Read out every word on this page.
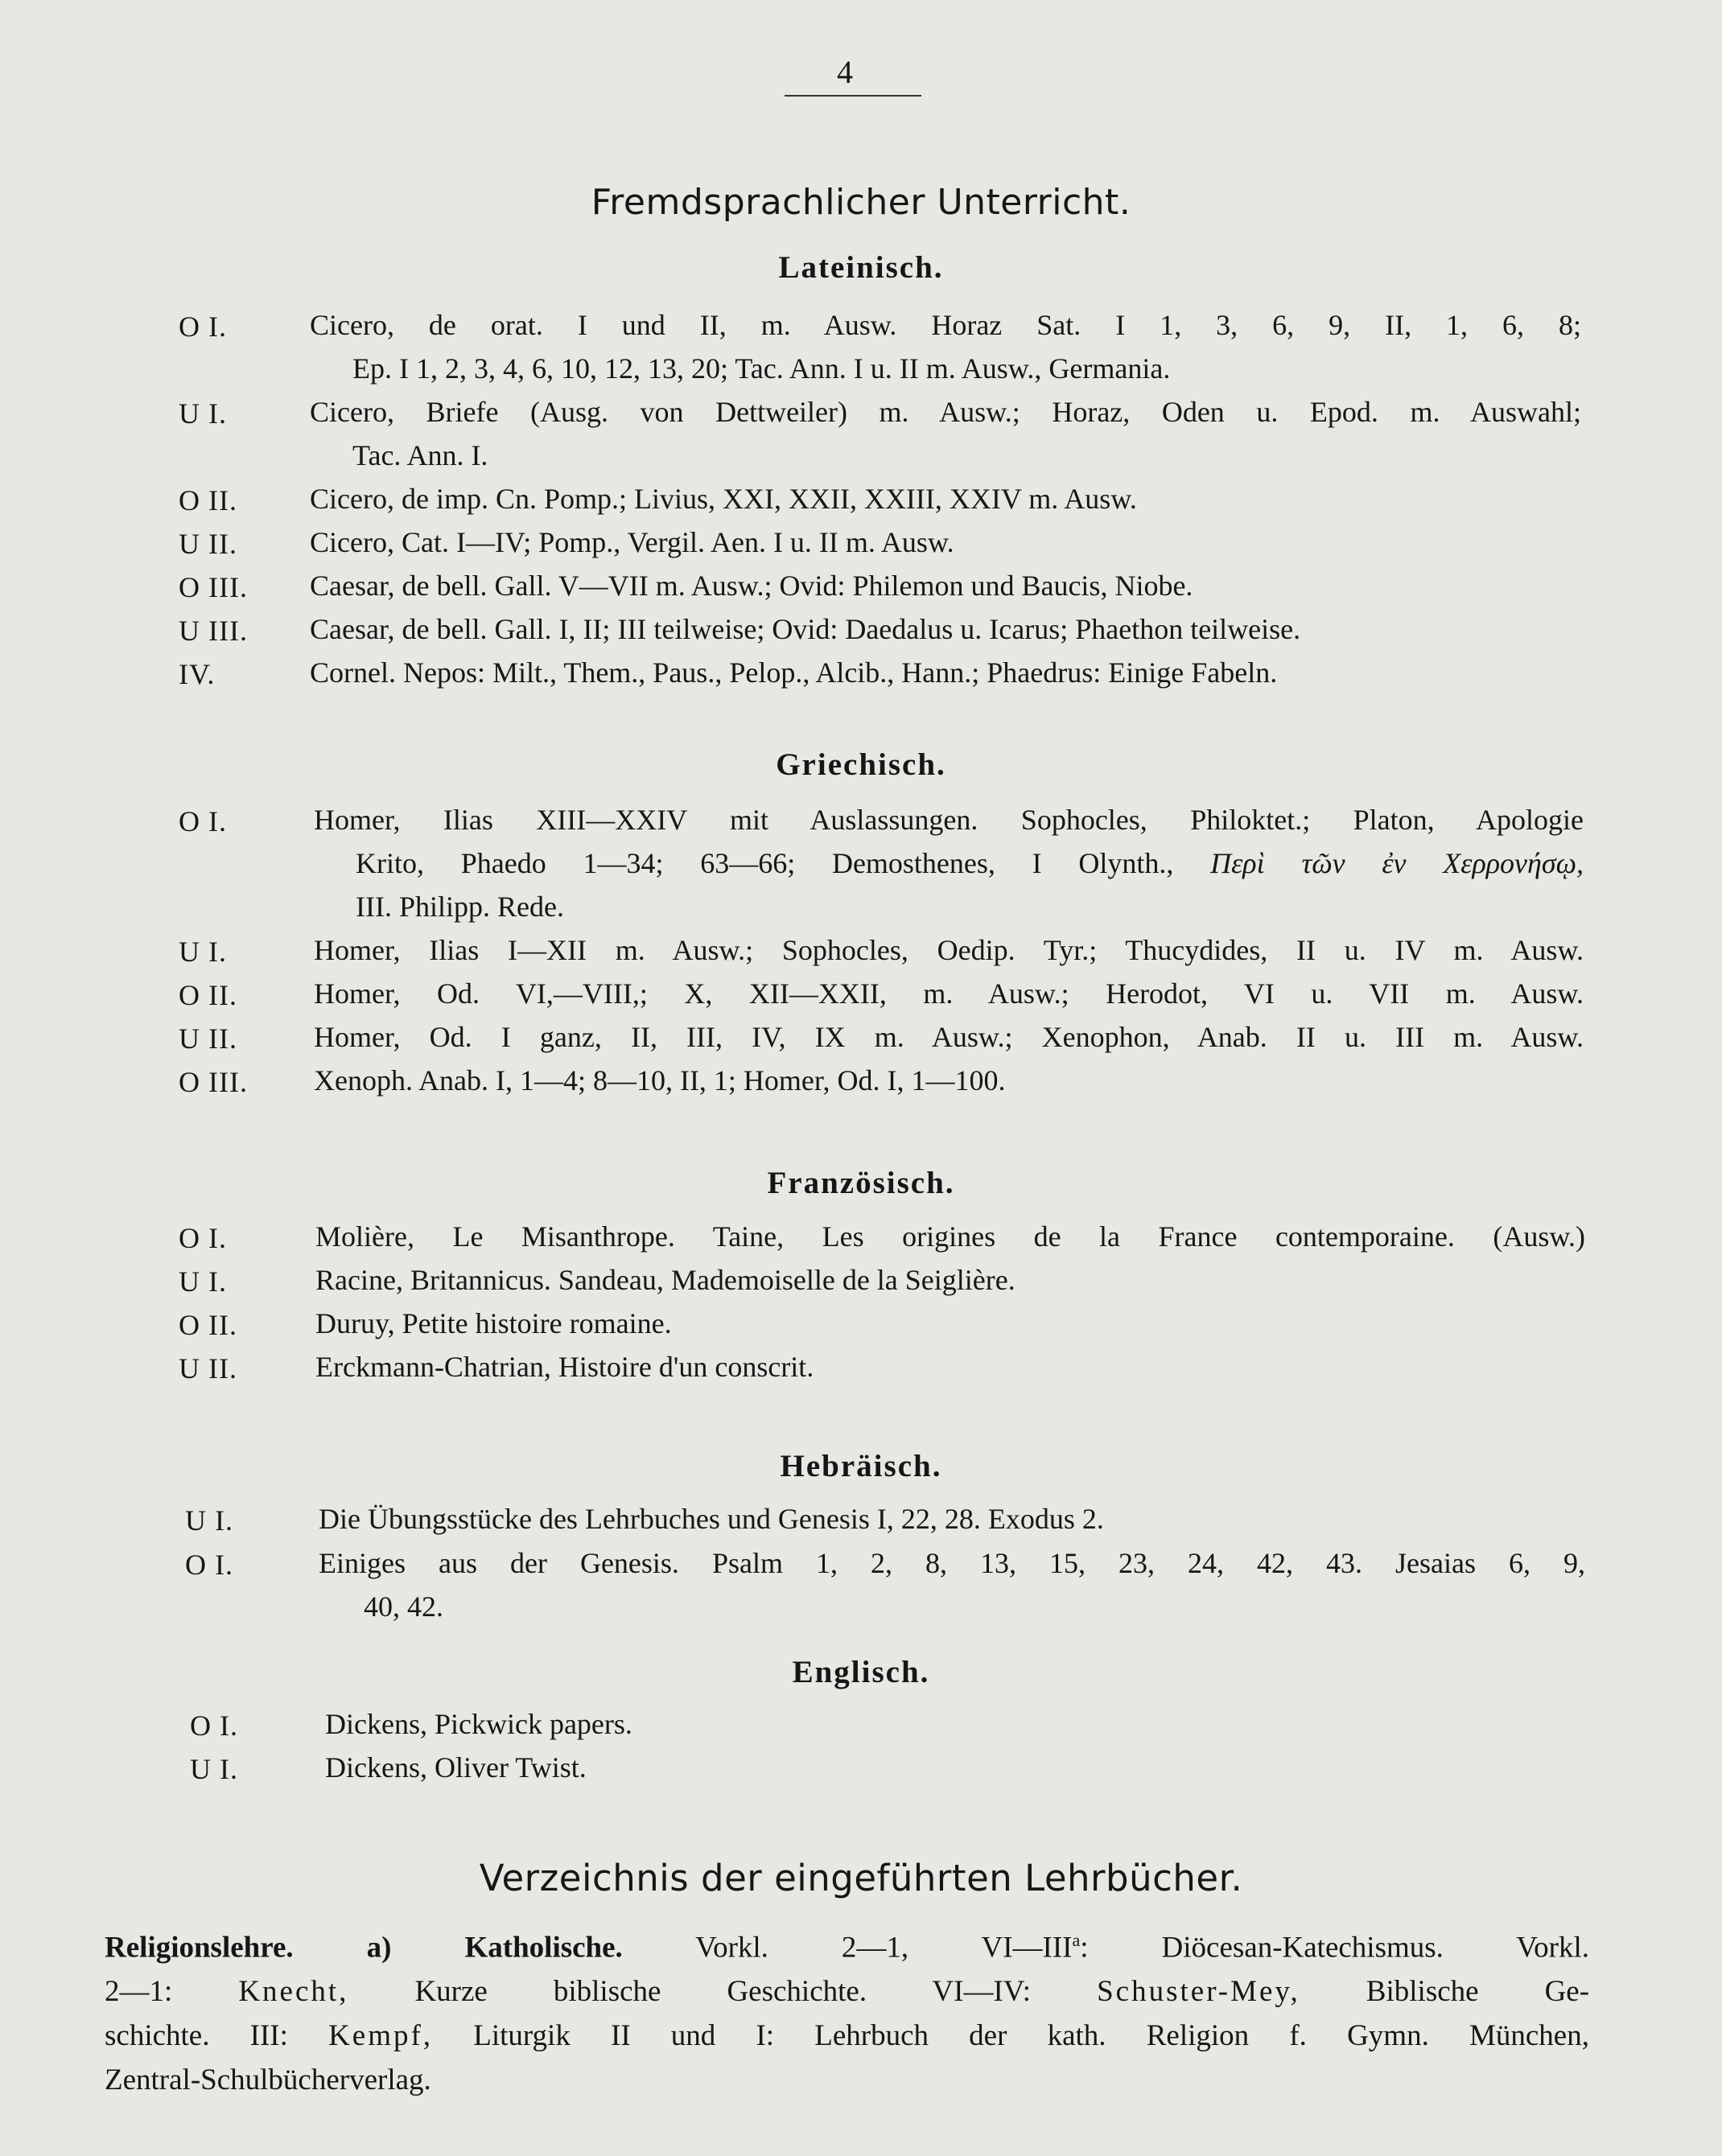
4
Fremdsprachlicher Unterricht.
Lateinisch.
O I.	Cicero, de orat. I und II, m. Ausw. Horaz Sat. I 1, 3, 6, 9, II, 1, 6, 8;
Ep. I 1, 2, 3, 4, 6, 10, 12, 13, 20; Tac. Ann. I u. II m. Ausw., Germania.
U I.	Cicero, Briefe (Ausg. von Dettweiler) m. Ausw.; Horaz, Oden u. Epod. m. Auswahl;
Tac. Ann. I.
O II.	Cicero, de imp. Cn. Pomp.; Livius, XXI, XXII, XXIII, XXIV m. Ausw.
U II.	Cicero, Cat. I—IV; Pomp., Vergil. Aen. I u. II m. Ausw.
O III. Caesar, de bell. Gall. V—VII m. Ausw.; Ovid: Philemon und Baucis, Niobe.
U III. Caesar, de bell. Gall. I, II; III teilweise; Ovid: Daedalus u. Icarus; Phaethon teilweise.
IV.	Cornel. Nepos: Milt., Them., Paus., Pelop., Alcib., Hann.; Phaedrus: Einige Fabeln.
Griechisch.
O I.	Homer, Ilias XIII—XXIV mit Auslassungen. Sophocles, Philoktet.; Platon, Apologie
Krito, Phaedo 1—34; 63—66; Demosthenes, I Olynth., Περὶ τῶν ἐν Χερρονήσῳ,
III. Philipp. Rede.
U I.	Homer, Ilias I—XII m. Ausw.; Sophocles, Oedip. Tyr.; Thucydides, II u. IV m. Ausw.
O II.	Homer, Od. VI,—VIII,; X, XII—XXII, m. Ausw.; Herodot, VI u. VII m. Ausw.
U II.	Homer, Od. I ganz, II, III, IV, IX m. Ausw.; Xenophon, Anab. II u. III m. Ausw.
O III. Xenoph. Anab. I, 1—4; 8—10, II, 1; Homer, Od. I, 1—100.
Französisch.
O I.	Molière, Le Misanthrope. Taine, Les origines de la France contemporaine. (Ausw.)
U I.	Racine, Britannicus. Sandeau, Mademoiselle de la Seiglière.
O II.	Duruy, Petite histoire romaine.
U II.	Erckmann-Chatrian, Histoire d'un conscrit.
Hebräisch.
U I.	Die Übungsstücke des Lehrbuches und Genesis I, 22, 28. Exodus 2.
O I.	Einiges aus der Genesis. Psalm 1, 2, 8, 13, 15, 23, 24, 42, 43. Jesaias 6, 9,
40, 42.
Englisch.
O I.	Dickens, Pickwick papers.
U I.	Dickens, Oliver Twist.
Verzeichnis der eingeführten Lehrbücher.
Religionslehre. a) Katholische. Vorkl. 2—1, VI—III$^a$: Diöcesan-Katechismus. Vorkl.
2—1: Knecht, Kurze biblische Geschichte. VI—IV: Schuster-Mey, Biblische Ge-
schichte. III: Kempf, Liturgik II und I: Lehrbuch der kath. Religion f. Gymn. München,
Zentral-Schulbücherverlag.
